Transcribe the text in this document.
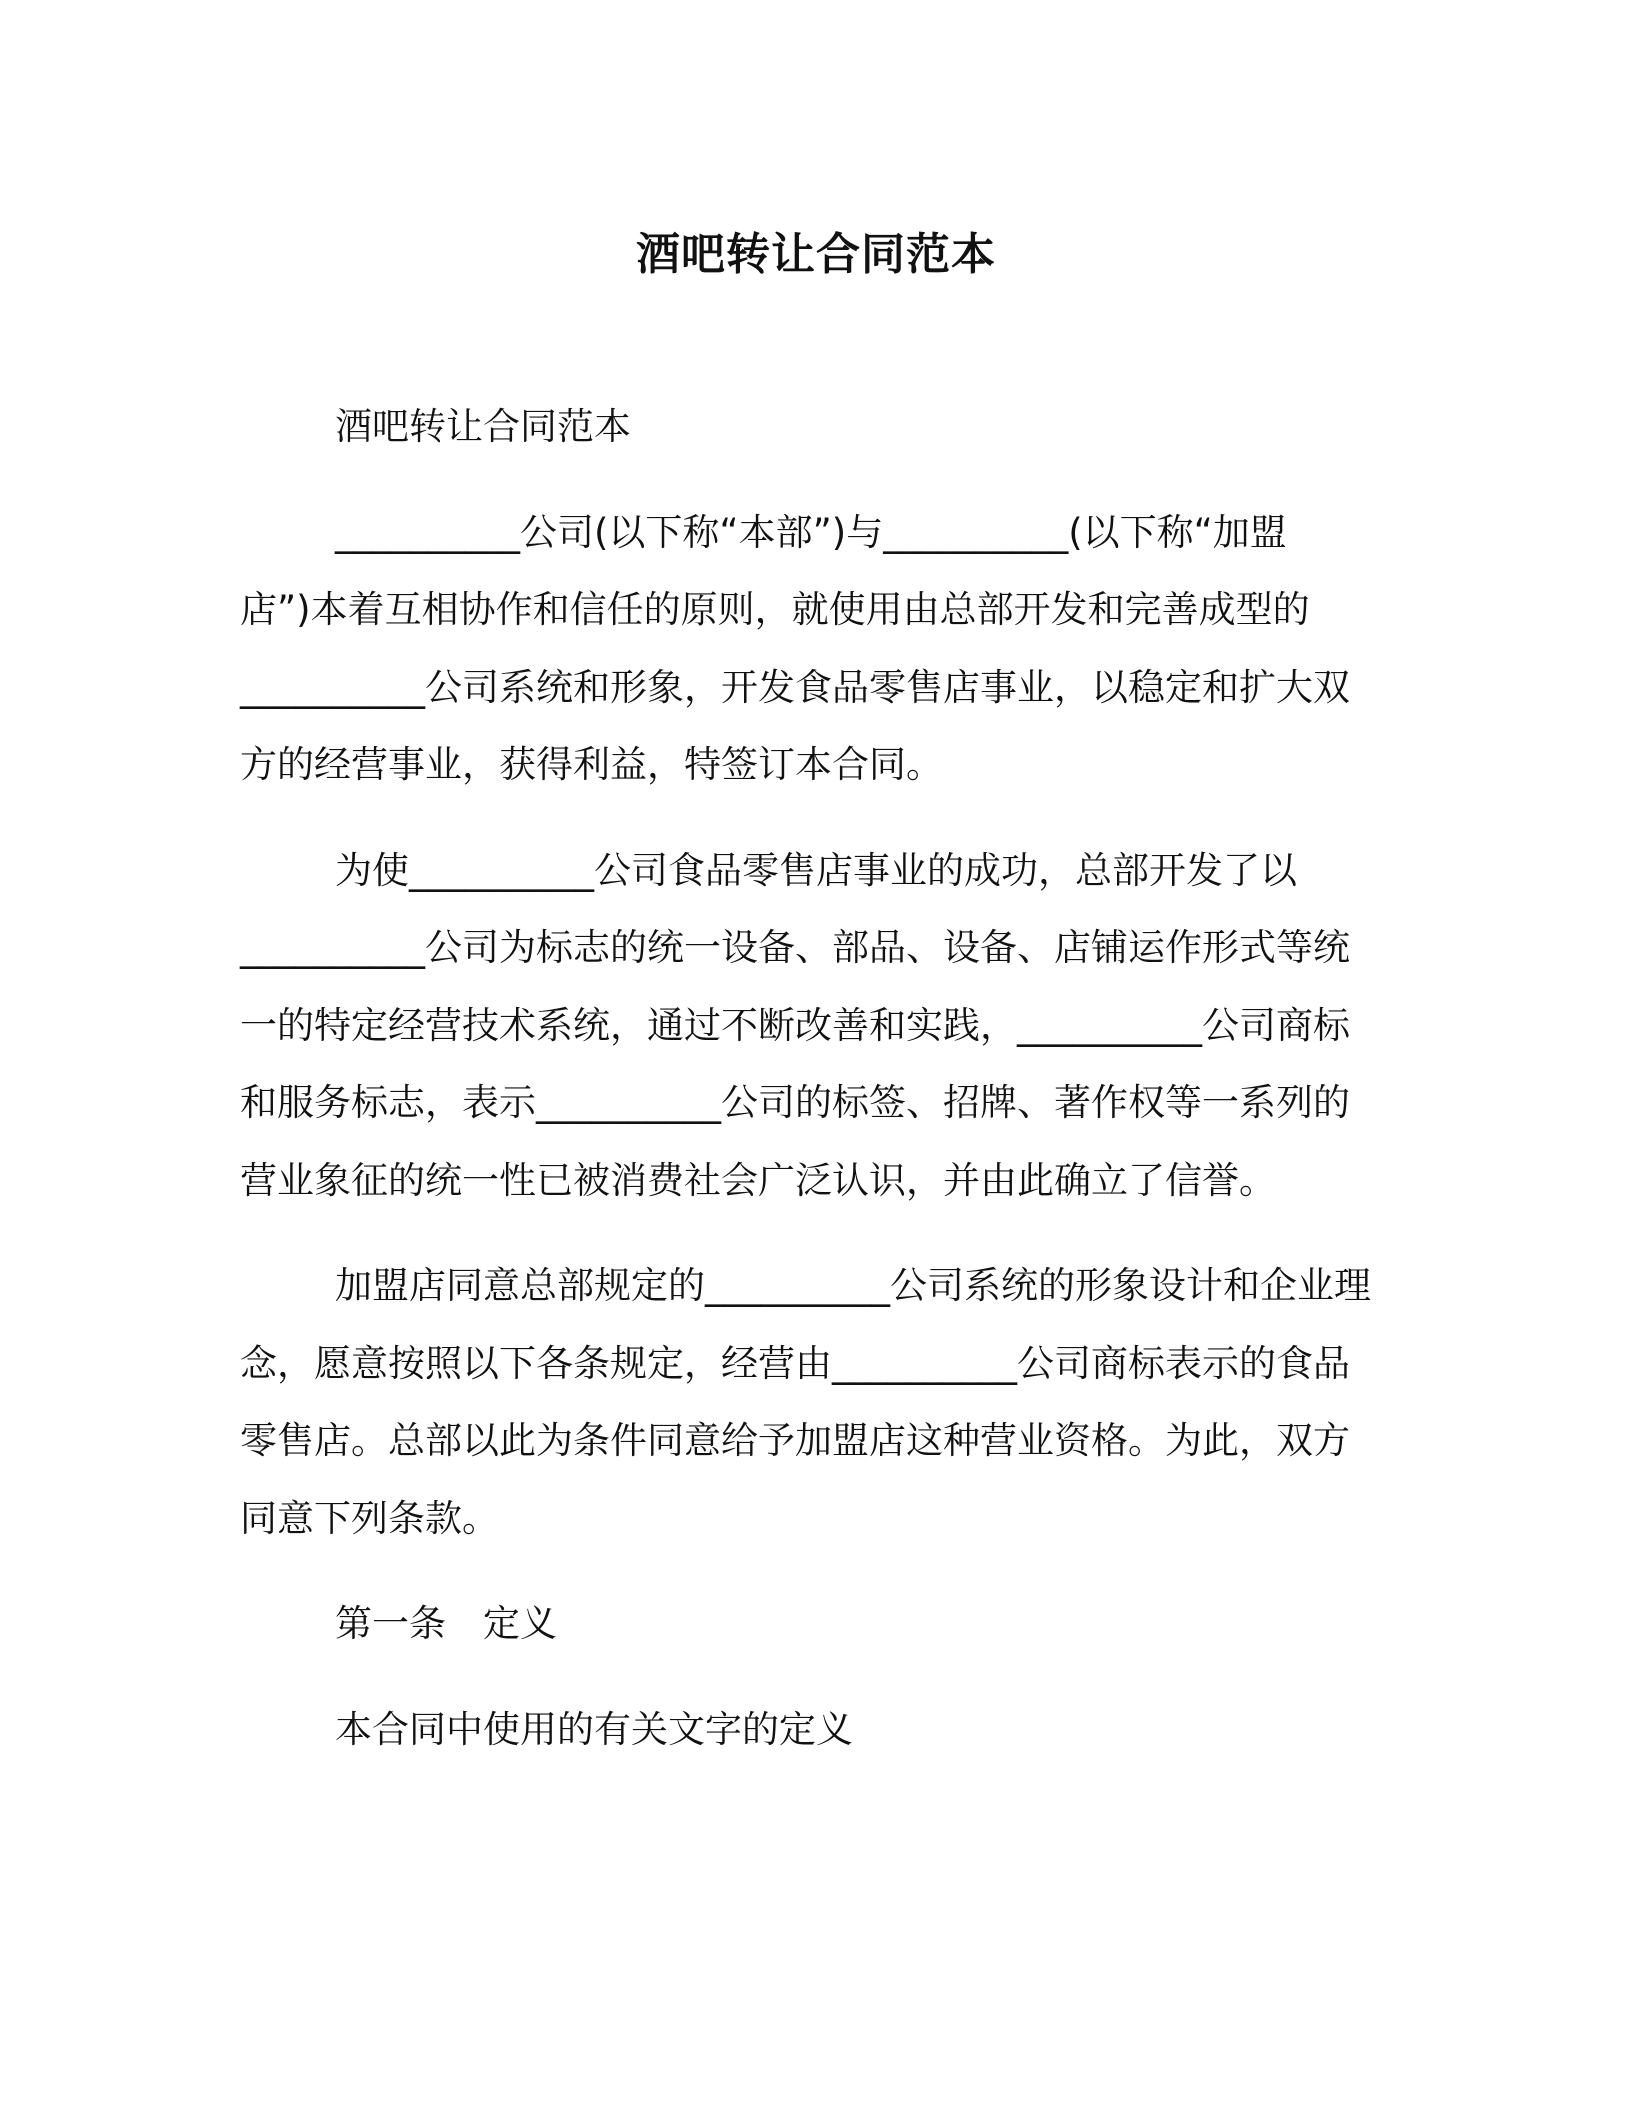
酒吧转让合同范本
酒吧转让合同范本
__________公司(以下称“本部”)与__________(以下称“加盟
店”)本着互相协作和信任的原则，就使用由总部开发和完善成型的
__________公司系统和形象，开发食品零售店事业，以稳定和扩大双
方的经营事业，获得利益，特签订本合同。
为使__________公司食品零售店事业的成功，总部开发了以
__________公司为标志的统一设备、部品、设备、店铺运作形式等统
一的特定经营技术系统，通过不断改善和实践，__________公司商标
和服务标志，表示__________公司的标签、招牌、著作权等一系列的
营业象征的统一性已被消费社会广泛认识，并由此确立了信誉。
加盟店同意总部规定的__________公司系统的形象设计和企业理
念，愿意按照以下各条规定，经营由__________公司商标表示的食品
零售店。总部以此为条件同意给予加盟店这种营业资格。为此，双方
同意下列条款。
第一条　定义
本合同中使用的有关文字的定义
